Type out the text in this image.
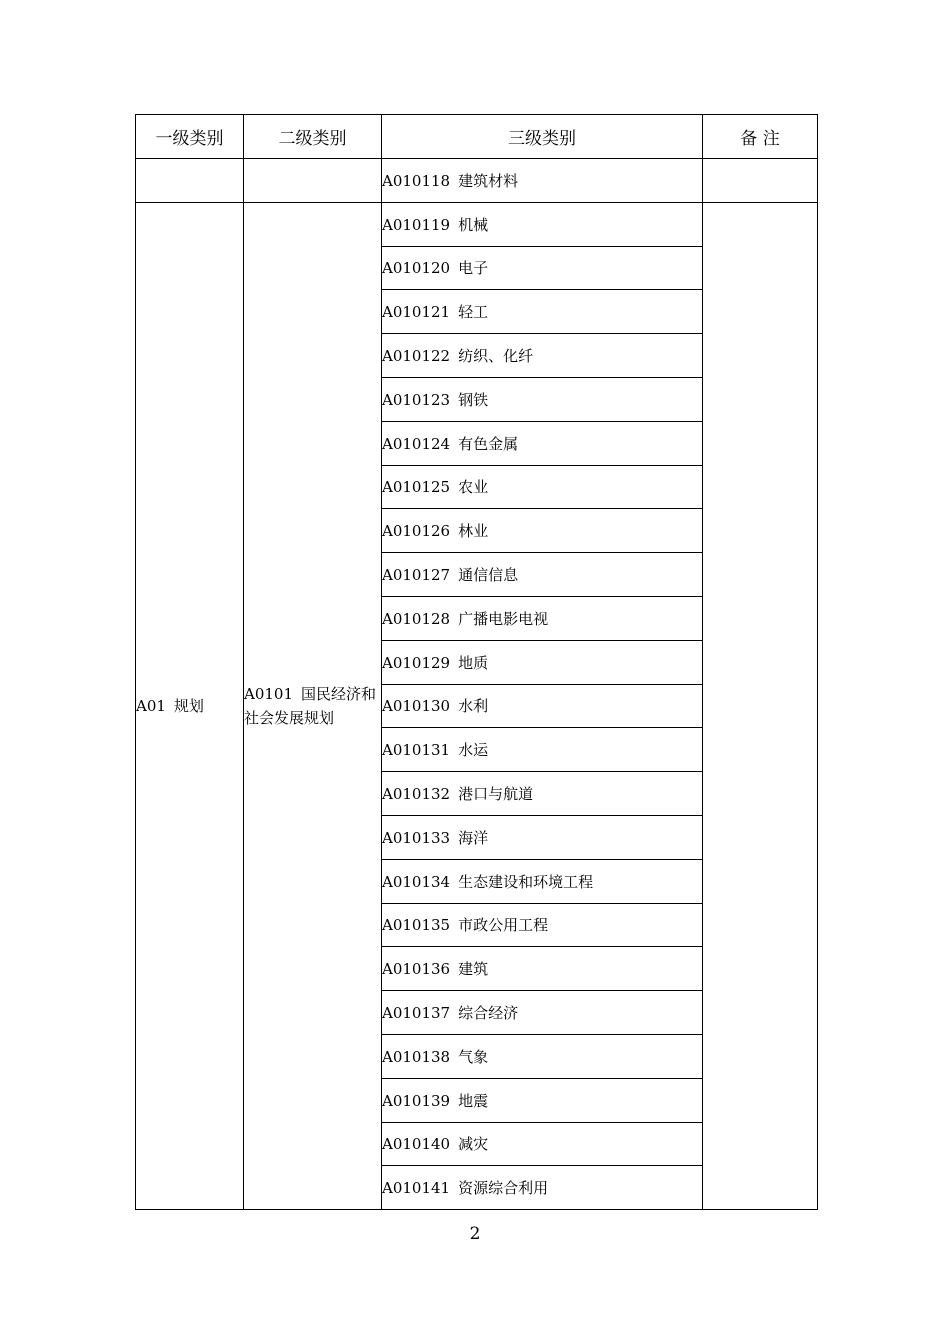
一级类别	二级类别	三级类别	备 注
		A010118 建筑材料	
A01 规划	A0101 国民经济和社会发展规划	A010119 机械	
		A010120 电子	
		A010121 轻工	
		A010122 纺织、化纤	
		A010123 钢铁	
		A010124 有色金属	
		A010125 农业	
		A010126 林业	
		A010127 通信信息	
		A010128 广播电影电视	
		A010129 地质	
		A010130 水利	
		A010131 水运	
		A010132 港口与航道	
		A010133 海洋	
		A010134 生态建设和环境工程	
		A010135 市政公用工程	
		A010136 建筑	
		A010137 综合经济	
		A010138 气象	
		A010139 地震	
		A010140 减灾	
		A010141 资源综合利用	
2
